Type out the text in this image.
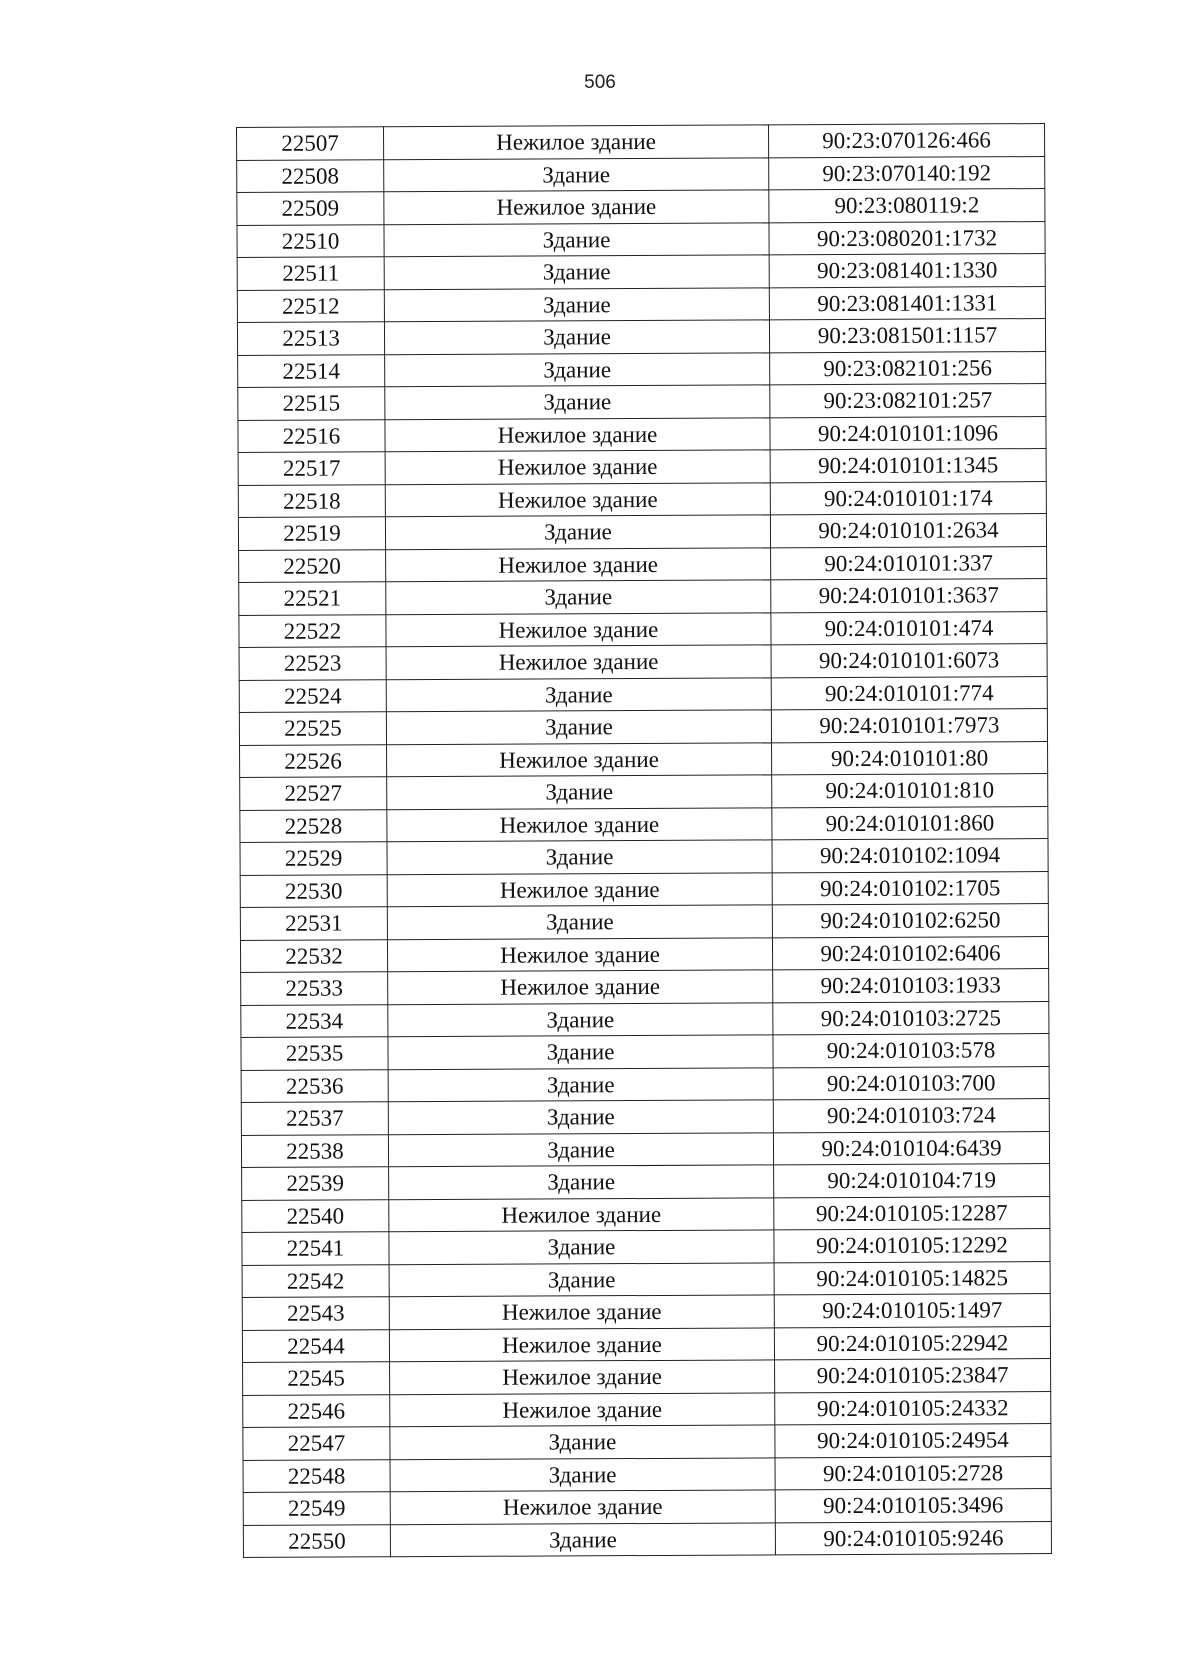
506
22507	Нежилое здание	90:23:070126:466
22508	Здание	90:23:070140:192
22509	Нежилое здание	90:23:080119:2
22510	Здание	90:23:080201:1732
22511	Здание	90:23:081401:1330
22512	Здание	90:23:081401:1331
22513	Здание	90:23:081501:1157
22514	Здание	90:23:082101:256
22515	Здание	90:23:082101:257
22516	Нежилое здание	90:24:010101:1096
22517	Нежилое здание	90:24:010101:1345
22518	Нежилое здание	90:24:010101:174
22519	Здание	90:24:010101:2634
22520	Нежилое здание	90:24:010101:337
22521	Здание	90:24:010101:3637
22522	Нежилое здание	90:24:010101:474
22523	Нежилое здание	90:24:010101:6073
22524	Здание	90:24:010101:774
22525	Здание	90:24:010101:7973
22526	Нежилое здание	90:24:010101:80
22527	Здание	90:24:010101:810
22528	Нежилое здание	90:24:010101:860
22529	Здание	90:24:010102:1094
22530	Нежилое здание	90:24:010102:1705
22531	Здание	90:24:010102:6250
22532	Нежилое здание	90:24:010102:6406
22533	Нежилое здание	90:24:010103:1933
22534	Здание	90:24:010103:2725
22535	Здание	90:24:010103:578
22536	Здание	90:24:010103:700
22537	Здание	90:24:010103:724
22538	Здание	90:24:010104:6439
22539	Здание	90:24:010104:719
22540	Нежилое здание	90:24:010105:12287
22541	Здание	90:24:010105:12292
22542	Здание	90:24:010105:14825
22543	Нежилое здание	90:24:010105:1497
22544	Нежилое здание	90:24:010105:22942
22545	Нежилое здание	90:24:010105:23847
22546	Нежилое здание	90:24:010105:24332
22547	Здание	90:24:010105:24954
22548	Здание	90:24:010105:2728
22549	Нежилое здание	90:24:010105:3496
22550	Здание	90:24:010105:9246
